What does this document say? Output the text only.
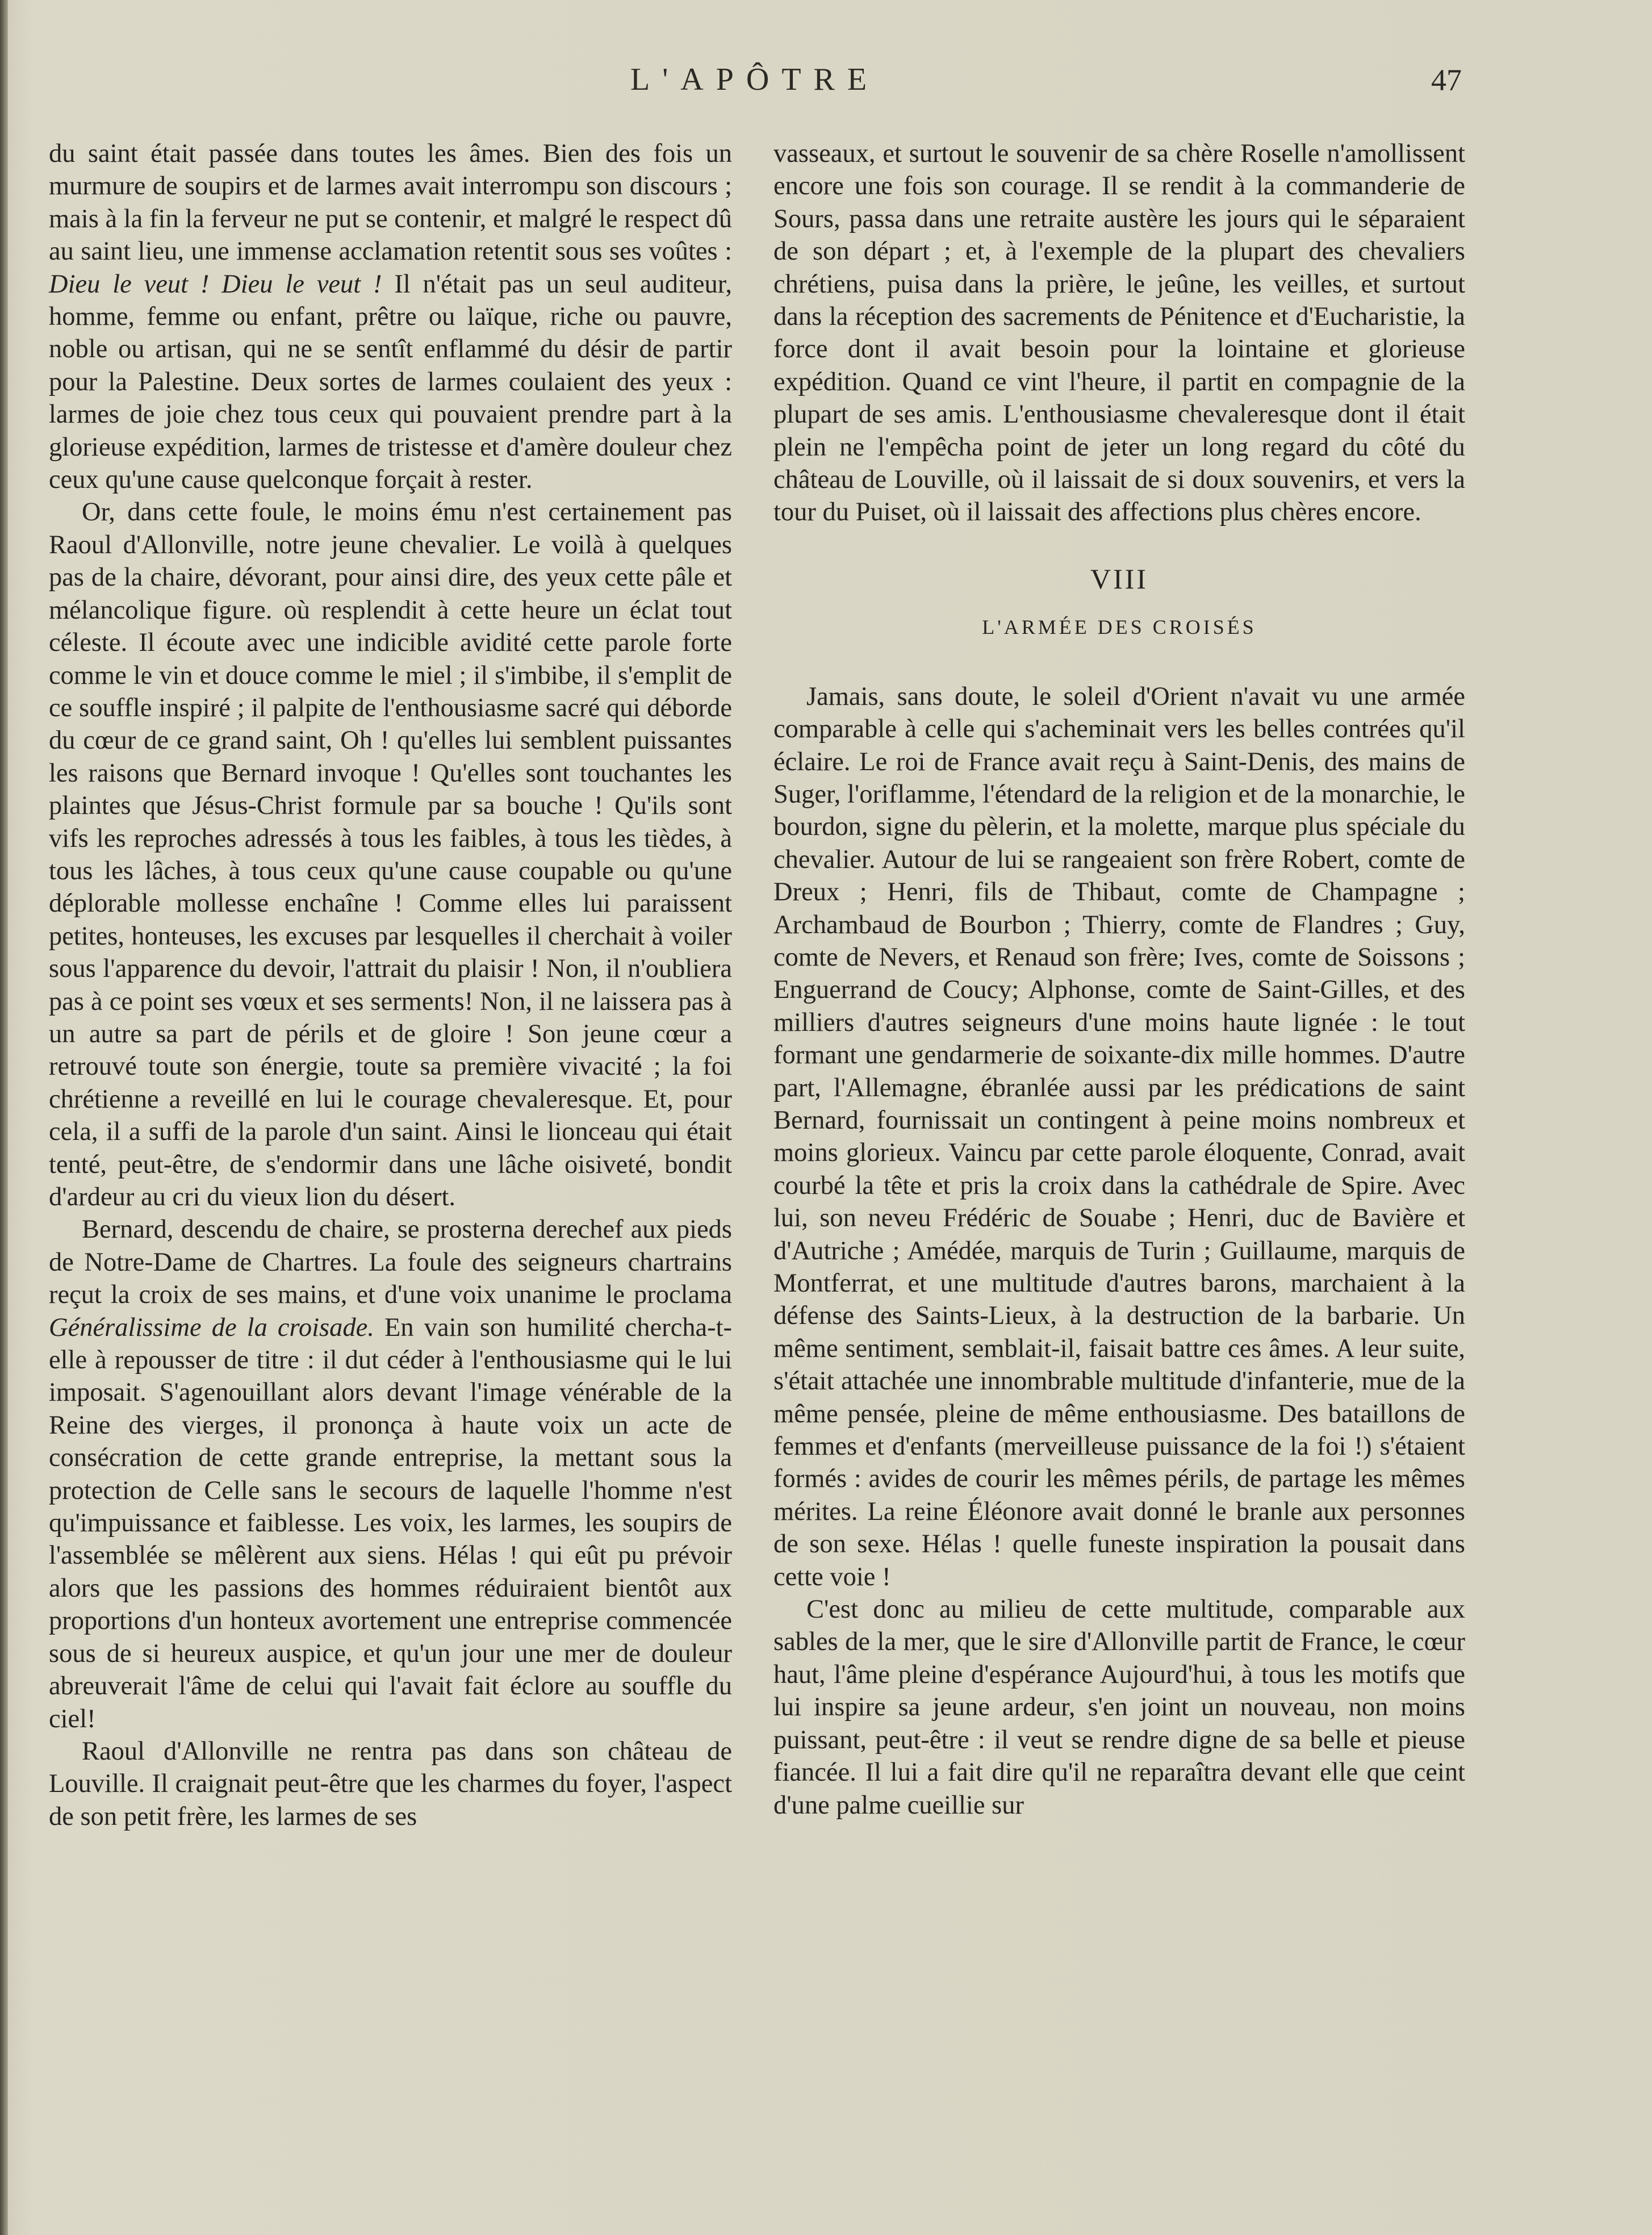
L'APÔTRE	47

du saint était passée dans toutes les âmes. Bien des fois un murmure de soupirs et de larmes avait interrompu son discours ; mais à la fin la ferveur ne put se contenir, et malgré le respect dû au saint lieu, une immense acclamation retentit sous ses voûtes : Dieu le veut ! Dieu le veut ! Il n'était pas un seul auditeur, homme, femme ou enfant, prêtre ou laïque, riche ou pauvre, noble ou artisan, qui ne se sentît enflammé du désir de partir pour la Palestine. Deux sortes de larmes coulaient des yeux : larmes de joie chez tous ceux qui pouvaient prendre part à la glorieuse expédition, larmes de tristesse et d'amère douleur chez ceux qu'une cause quelconque forçait à rester.

Or, dans cette foule, le moins ému n'est certainement pas Raoul d'Allonville, notre jeune chevalier. Le voilà à quelques pas de la chaire, dévorant, pour ainsi dire, des yeux cette pâle et mélancolique figure. où resplendit à cette heure un éclat tout céleste. Il écoute avec une indicible avidité cette parole forte comme le vin et douce comme le miel ; il s'imbibe, il s'emplit de ce souffle inspiré ; il palpite de l'enthousiasme sacré qui déborde du cœur de ce grand saint, Oh ! qu'elles lui semblent puissantes les raisons que Bernard invoque ! Qu'elles sont touchantes les plaintes que Jésus-Christ formule par sa bouche ! Qu'ils sont vifs les reproches adressés à tous les faibles, à tous les tièdes, à tous les lâches, à tous ceux qu'une cause coupable ou qu'une déplorable mollesse enchaîne ! Comme elles lui paraissent petites, honteuses, les excuses par lesquelles il cherchait à voiler sous l'apparence du devoir, l'attrait du plaisir ! Non, il n'oubliera pas à ce point ses vœux et ses serments! Non, il ne laissera pas à un autre sa part de périls et de gloire ! Son jeune cœur a retrouvé toute son énergie, toute sa première vivacité ; la foi chrétienne a reveillé en lui le courage chevaleresque. Et, pour cela, il a suffi de la parole d'un saint. Ainsi le lionceau qui était tenté, peut-être, de s'endormir dans une lâche oisiveté, bondit d'ardeur au cri du vieux lion du désert.

Bernard, descendu de chaire, se prosterna derechef aux pieds de Notre-Dame de Chartres. La foule des seigneurs chartrains reçut la croix de ses mains, et d'une voix unanime le proclama Généralissime de la croisade. En vain son humilité chercha-t-elle à repousser de titre : il dut céder à l'enthousiasme qui le lui imposait. S'agenouillant alors devant l'image vénérable de la Reine des vierges, il prononça à haute voix un acte de consécration de cette grande entreprise, la mettant sous la protection de Celle sans le secours de laquelle l'homme n'est qu'impuissance et faiblesse. Les voix, les larmes, les soupirs de l'assemblée se mêlèrent aux siens. Hélas ! qui eût pu prévoir alors que les passions des hommes réduiraient bientôt aux proportions d'un honteux avortement une entreprise commencée sous de si heureux auspice, et qu'un jour une mer de douleur abreuverait l'âme de celui qui l'avait fait éclore au souffle du ciel!

Raoul d'Allonville ne rentra pas dans son château de Louville. Il craignait peut-être que les charmes du foyer, l'aspect de son petit frère, les larmes de ses

vasseaux, et surtout le souvenir de sa chère Roselle n'amollissent encore une fois son courage. Il se rendit à la commanderie de Sours, passa dans une retraite austère les jours qui le séparaient de son départ ; et, à l'exemple de la plupart des chevaliers chrétiens, puisa dans la prière, le jeûne, les veilles, et surtout dans la réception des sacrements de Pénitence et d'Eucharistie, la force dont il avait besoin pour la lointaine et glorieuse expédition. Quand ce vint l'heure, il partit en compagnie de la plupart de ses amis. L'enthousiasme chevaleresque dont il était plein ne l'empêcha point de jeter un long regard du côté du château de Louville, où il laissait de si doux souvenirs, et vers la tour du Puiset, où il laissait des affections plus chères encore.

VIII
L'ARMÉE DES CROISÉS

Jamais, sans doute, le soleil d'Orient n'avait vu une armée comparable à celle qui s'acheminait vers les belles contrées qu'il éclaire. Le roi de France avait reçu à Saint-Denis, des mains de Suger, l'oriflamme, l'étendard de la religion et de la monarchie, le bourdon, signe du pèlerin, et la molette, marque plus spéciale du chevalier. Autour de lui se rangeaient son frère Robert, comte de Dreux ; Henri, fils de Thibaut, comte de Champagne ; Archambaud de Bourbon ; Thierry, comte de Flandres ; Guy, comte de Nevers, et Renaud son frère; Ives, comte de Soissons ; Enguerrand de Coucy; Alphonse, comte de Saint-Gilles, et des milliers d'autres seigneurs d'une moins haute lignée : le tout formant une gendarmerie de soixante-dix mille hommes. D'autre part, l'Allemagne, ébranlée aussi par les prédications de saint Bernard, fournissait un contingent à peine moins nombreux et moins glorieux. Vaincu par cette parole éloquente, Conrad, avait courbé la tête et pris la croix dans la cathédrale de Spire. Avec lui, son neveu Frédéric de Souabe ; Henri, duc de Bavière et d'Autriche ; Amédée, marquis de Turin ; Guillaume, marquis de Montferrat, et une multitude d'autres barons, marchaient à la défense des Saints-Lieux, à la destruction de la barbarie. Un même sentiment, semblait-il, faisait battre ces âmes. A leur suite, s'était attachée une innombrable multitude d'infanterie, mue de la même pensée, pleine de même enthousiasme. Des bataillons de femmes et d'enfants (merveilleuse puissance de la foi !) s'étaient formés : avides de courir les mêmes périls, de partage les mêmes mérites. La reine Éléonore avait donné le branle aux personnes de son sexe. Hélas ! quelle funeste inspiration la pousait dans cette voie !

C'est donc au milieu de cette multitude, comparable aux sables de la mer, que le sire d'Allonville partit de France, le cœur haut, l'âme pleine d'espérance Aujourd'hui, à tous les motifs que lui inspire sa jeune ardeur, s'en joint un nouveau, non moins puissant, peut-être : il veut se rendre digne de sa belle et pieuse fiancée. Il lui a fait dire qu'il ne reparaîtra devant elle que ceint d'une palme cueillie sur
